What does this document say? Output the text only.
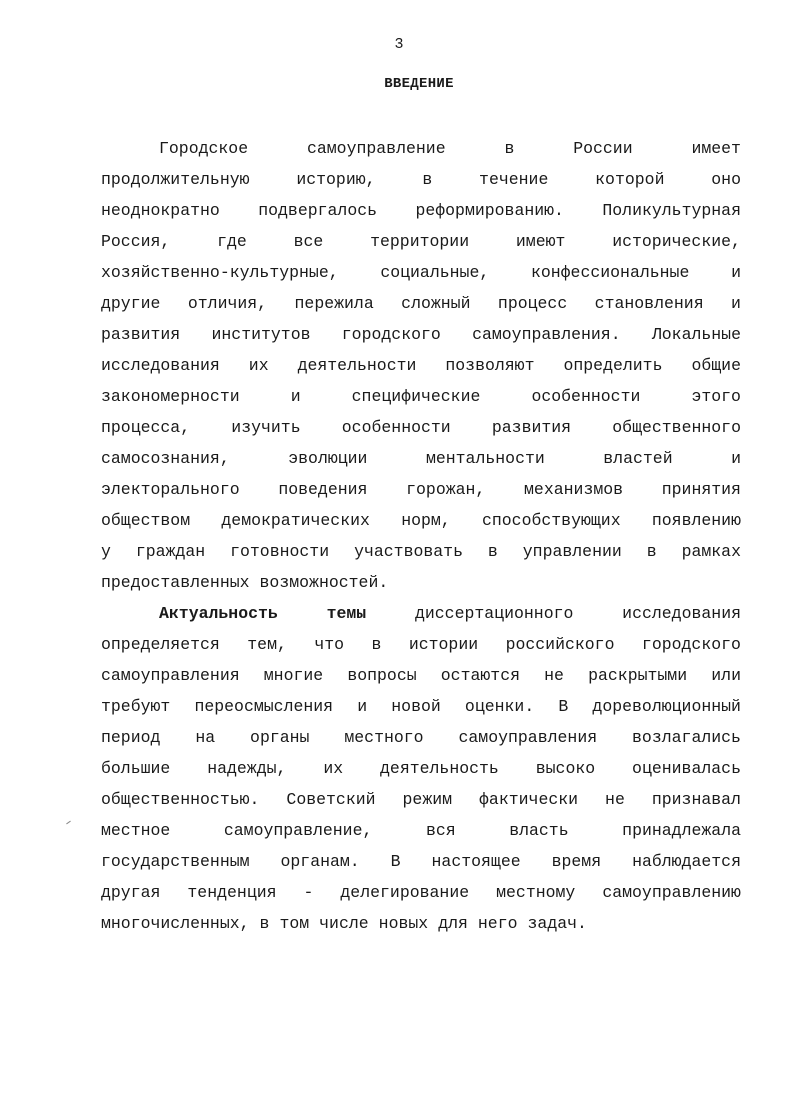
3
ВВЕДЕНИЕ
Городское	самоуправление	в	России	имеет
продолжительную	историю,	в	течение	которой	оно
неоднократно подвергалось реформированию. Поликультурная
Россия,	где	все	территории	имеют	исторические,
хозяйственно-культурные,	социальные,	конфессиональные	и
другие отличия, пережила сложный процесс становления и
развития институтов городского самоуправления. Локальные
исследования их деятельности позволяют определить общие
закономерности	и	специфические	особенности	этого
процесса, изучить особенности развития общественного
самосознания,	эволюции	ментальности	властей	и
электорального поведения горожан, механизмов принятия
обществом демократических норм, способствующих появлению
у граждан готовности участвовать в управлении в рамках
предоставленных возможностей.
Актуальность	темы	диссертационного	исследования
определяется тем, что в истории российского городского
самоуправления многие вопросы остаются не раскрытыми или
требуют переосмысления и новой оценки. В дореволюционный
период на органы местного самоуправления возлагались
большие надежды, их деятельность высоко оценивалась
общественностью. Советский режим фактически не признавал
местное	самоуправление,	вся	власть	принадлежала
государственным органам. В настоящее время наблюдается
другая тенденция - делегирование местному самоуправлению
многочисленных, в том числе новых для него задач.
